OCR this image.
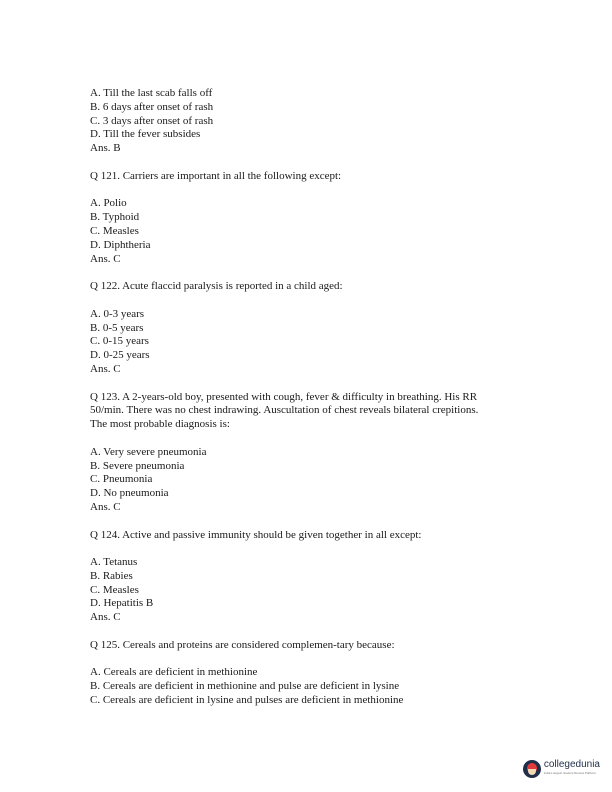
A. Till the last scab falls off
B. 6 days after onset of rash
C. 3 days after onset of rash
D. Till the fever subsides
Ans. B
Q 121. Carriers are important in all the following except:
A. Polio
B. Typhoid
C. Measles
D. Diphtheria
Ans. C
Q 122. Acute flaccid paralysis is reported in a child aged:
A. 0-3 years
B. 0-5 years
C. 0-15 years
D. 0-25 years
Ans. C
Q 123. A 2-years-old boy, presented with cough, fever & difficulty in breathing. His RR
50/min. There was no chest indrawing. Auscultation of chest reveals bilateral crepitions.
The most probable diagnosis is:
A. Very severe pneumonia
B. Severe pneumonia
C. Pneumonia
D. No pneumonia
Ans. C
Q 124. Active and passive immunity should be given together in all except:
A. Tetanus
B. Rabies
C. Measles
D. Hepatitis B
Ans. C
Q 125. Cereals and proteins are considered complemen-tary because:
A. Cereals are deficient in methionine
B. Cereals are deficient in methionine and pulse are deficient in lysine
C. Cereals are deficient in lysine and pulses are deficient in methionine
collegedunia
India's largest Student Review Platform
